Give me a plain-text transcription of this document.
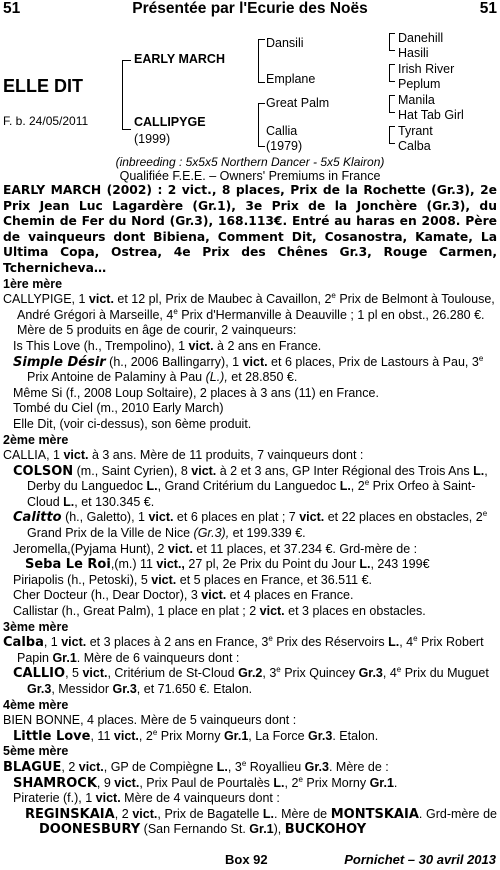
51	Présentée par l'Ecurie des Noës	51
ELLE DIT
F. b. 24/05/2011
EARLY MARCH
CALLIPYGE
(1999)
Dansili
Emplane
Great Palm
Callia
(1979)
Danehill
Hasili
Irish River
Peplum
Manila
Hat Tab Girl
Tyrant
Calba
(inbreeding : 5x5x5 Northern Dancer - 5x5 Klairon)
Qualifiée F.E.E. – Owners' Premiums in France

EARLY MARCH (2002) : 2 vict., 8 places, Prix de la Rochette (Gr.3), 2e Prix Jean Luc Lagardère (Gr.1), 3e Prix de la Jonchère (Gr.3), du Chemin de Fer du Nord (Gr.3), 168.113€. Entré au haras en 2008. Père de vainqueurs dont Bibiena, Comment Dit, Cosanostra, Kamate, La Ultima Copa, Ostrea, 4e Prix des Chênes Gr.3, Rouge Carmen, Tchernicheva…

1ère mère

CALLYPIGE, 1 vict. et 12 pl, Prix de Maubec à Cavaillon, 2e Prix de Belmont à Toulouse, André Grégori à Marseille, 4e Prix d'Hermanville à Deauville ; 1 pl en obst., 26.280 €. Mère de 5 produits en âge de courir, 2 vainqueurs:

Is This Love (h., Trempolino), 1 vict. à 2 ans en France.

Simple Désir (h., 2006 Ballingarry), 1 vict. et 6 places, Prix de Lastours à Pau, 3e Prix Antoine de Palaminy à Pau (L.), et 28.850 €.

Même Si (f., 2008 Loup Soltaire), 2 places à 3 ans (11) en France.

Tombé du Ciel (m., 2010 Early March)

Elle Dit, (voir ci-dessus), son 6ème produit.

2ème mère

CALLIA, 1 vict. à 3 ans. Mère de 11 produits, 7 vainqueurs dont :

COLSON (m., Saint Cyrien), 8 vict. à 2 et 3 ans, GP Inter Régional des Trois Ans L., Derby du Languedoc L., Grand Critérium du Languedoc L., 2e Prix Orfeo à Saint-Cloud L., et 130.345 €.

Calitto (h., Galetto), 1 vict. et 6 places en plat ; 7 vict. et 22 places en obstacles, 2e Grand Prix de la Ville de Nice (Gr.3), et 199.339 €.

Jeromella,(Pyjama Hunt), 2 vict. et 11 places, et 37.234 €. Grd-mère de :

Seba Le Roi,(m.) 11 vict., 27 pl, 2e Prix du Point du Jour L., 243 199€

Piriapolis (h., Petoski), 5 vict. et 5 places en France, et 36.511 €.

Cher Docteur (h., Dear Doctor), 3 vict. et 4 places en France.

Callistar (h., Great Palm), 1 place en plat ; 2 vict. et 3 places en obstacles.

3ème mère

Calba, 1 vict. et 3 places à 2 ans en France, 3e Prix des Réservoirs L., 4e Prix Robert Papin Gr.1. Mère de 6 vainqueurs dont :

CALLIO, 5 vict., Critérium de St-Cloud Gr.2, 3e Prix Quincey Gr.3, 4e Prix du Muguet Gr.3, Messidor Gr.3, et 71.650 €. Etalon.

4ème mère

BIEN BONNE, 4 places. Mère de 5 vainqueurs dont :

Little Love, 11 vict., 2e Prix Morny Gr.1, La Force Gr.3. Etalon.

5ème mère

BLAGUE, 2 vict., GP de Compiègne L., 3e Royallieu Gr.3. Mère de :

SHAMROCK, 9 vict., Prix Paul de Pourtalès L., 2e Prix Morny Gr.1.

Piraterie (f.), 1 vict. Mère de 4 vainqueurs dont :

REGINSKAIA, 2 vict., Prix de Bagatelle L.. Mère de MONTSKAIA. Grd-mère de DOONESBURY (San Fernando St. Gr.1), BUCKOHOY

Box 92	Pornichet – 30 avril 2013
